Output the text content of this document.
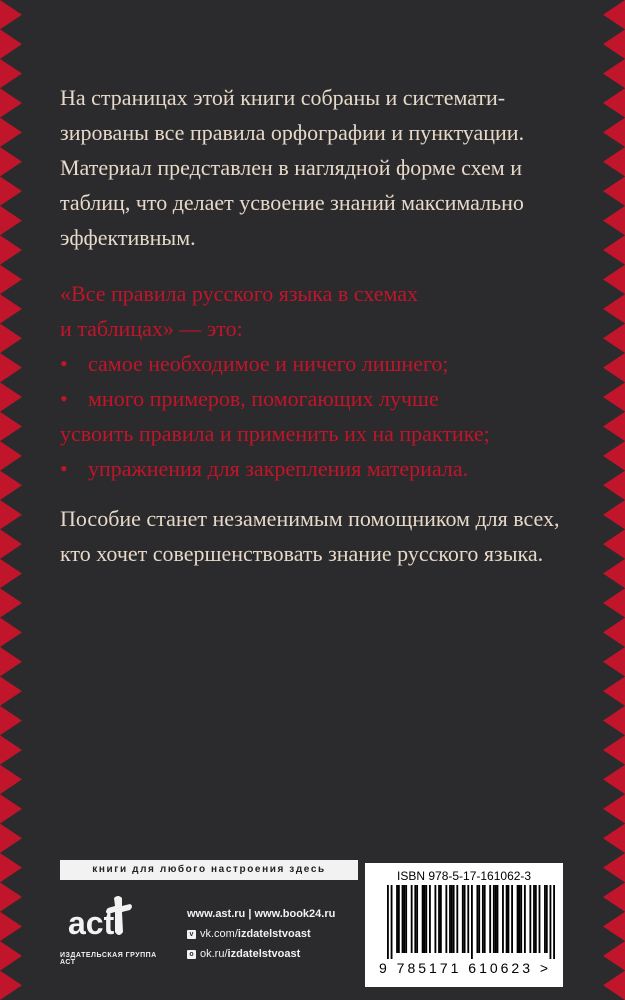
На страницах этой книги собраны и системати-
зированы все правила орфографии и пунктуации.
Материал представлен в наглядной форме схем и
таблиц, что делает усвоение знаний максимально
эффективным.

«Все правила русского языка в схемах
и таблицах» — это:
• самое необходимое и ничего лишнего;
• много примеров, помогающих лучше
усвоить правила и применить их на практике;
• упражнения для закрепления материала.
Пособие станет незаменимым помощником для всех,
кто хочет совершенствовать знание русского языка.
книги для любого настроения здесь
act
ИЗДАТЕЛЬСКАЯ ГРУППА АСТ
www.ast.ru | www.book24.ru
v vk.com/ izdatelstvoast
o ok.ru/ izdatelstvoast
ISBN 978-5-17-161062-3
9 785171 610623 >
